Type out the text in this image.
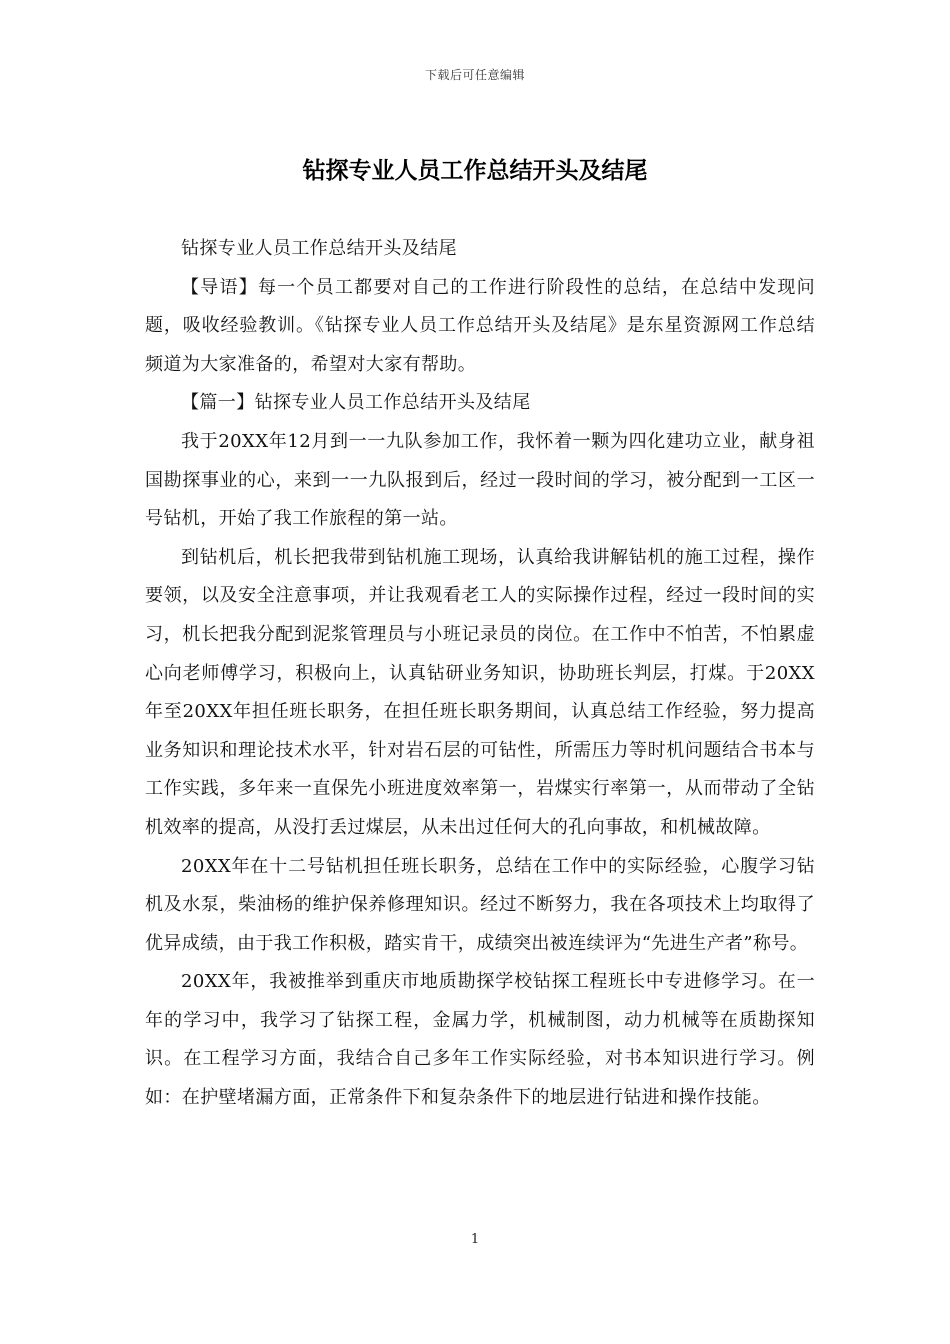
下载后可任意编辑
钻探专业人员工作总结开头及结尾

钻探专业人员工作总结开头及结尾

【导语】每一个员工都要对自己的工作进行阶段性的总结，在总结中发现问题，吸收经验教训。《钻探专业人员工作总结开头及结尾》是东星资源网工作总结频道为大家准备的，希望对大家有帮助。

【篇一】钻探专业人员工作总结开头及结尾

我于20XX年12月到一一九队参加工作，我怀着一颗为四化建功立业，献身祖国勘探事业的心，来到一一九队报到后，经过一段时间的学习，被分配到一工区一号钻机，开始了我工作旅程的第一站。

到钻机后，机长把我带到钻机施工现场，认真给我讲解钻机的施工过程，操作要领，以及安全注意事项，并让我观看老工人的实际操作过程，经过一段时间的实习，机长把我分配到泥浆管理员与小班记录员的岗位。在工作中不怕苦，不怕累虚心向老师傅学习，积极向上，认真钻研业务知识，协助班长判层，打煤。于20XX年至20XX年担任班长职务，在担任班长职务期间，认真总结工作经验，努力提高业务知识和理论技术水平，针对岩石层的可钻性，所需压力等时机问题结合书本与工作实践，多年来一直保先小班进度效率第一，岩煤实行率第一，从而带动了全钻机效率的提高，从没打丢过煤层，从未出过任何大的孔向事故，和机械故障。

20XX年在十二号钻机担任班长职务，总结在工作中的实际经验，心腹学习钻机及水泵，柴油杨的维护保养修理知识。经过不断努力，我在各项技术上均取得了优异成绩，由于我工作积极，踏实肯干，成绩突出被连续评为“先进生产者”称号。

20XX年，我被推举到重庆市地质勘探学校钻探工程班长中专进修学习。在一年的学习中，我学习了钻探工程，金属力学，机械制图，动力机械等在质勘探知识。在工程学习方面，我结合自己多年工作实际经验，对书本知识进行学习。例如：在护壁堵漏方面，正常条件下和复杂条件下的地层进行钻进和操作技能。

1
